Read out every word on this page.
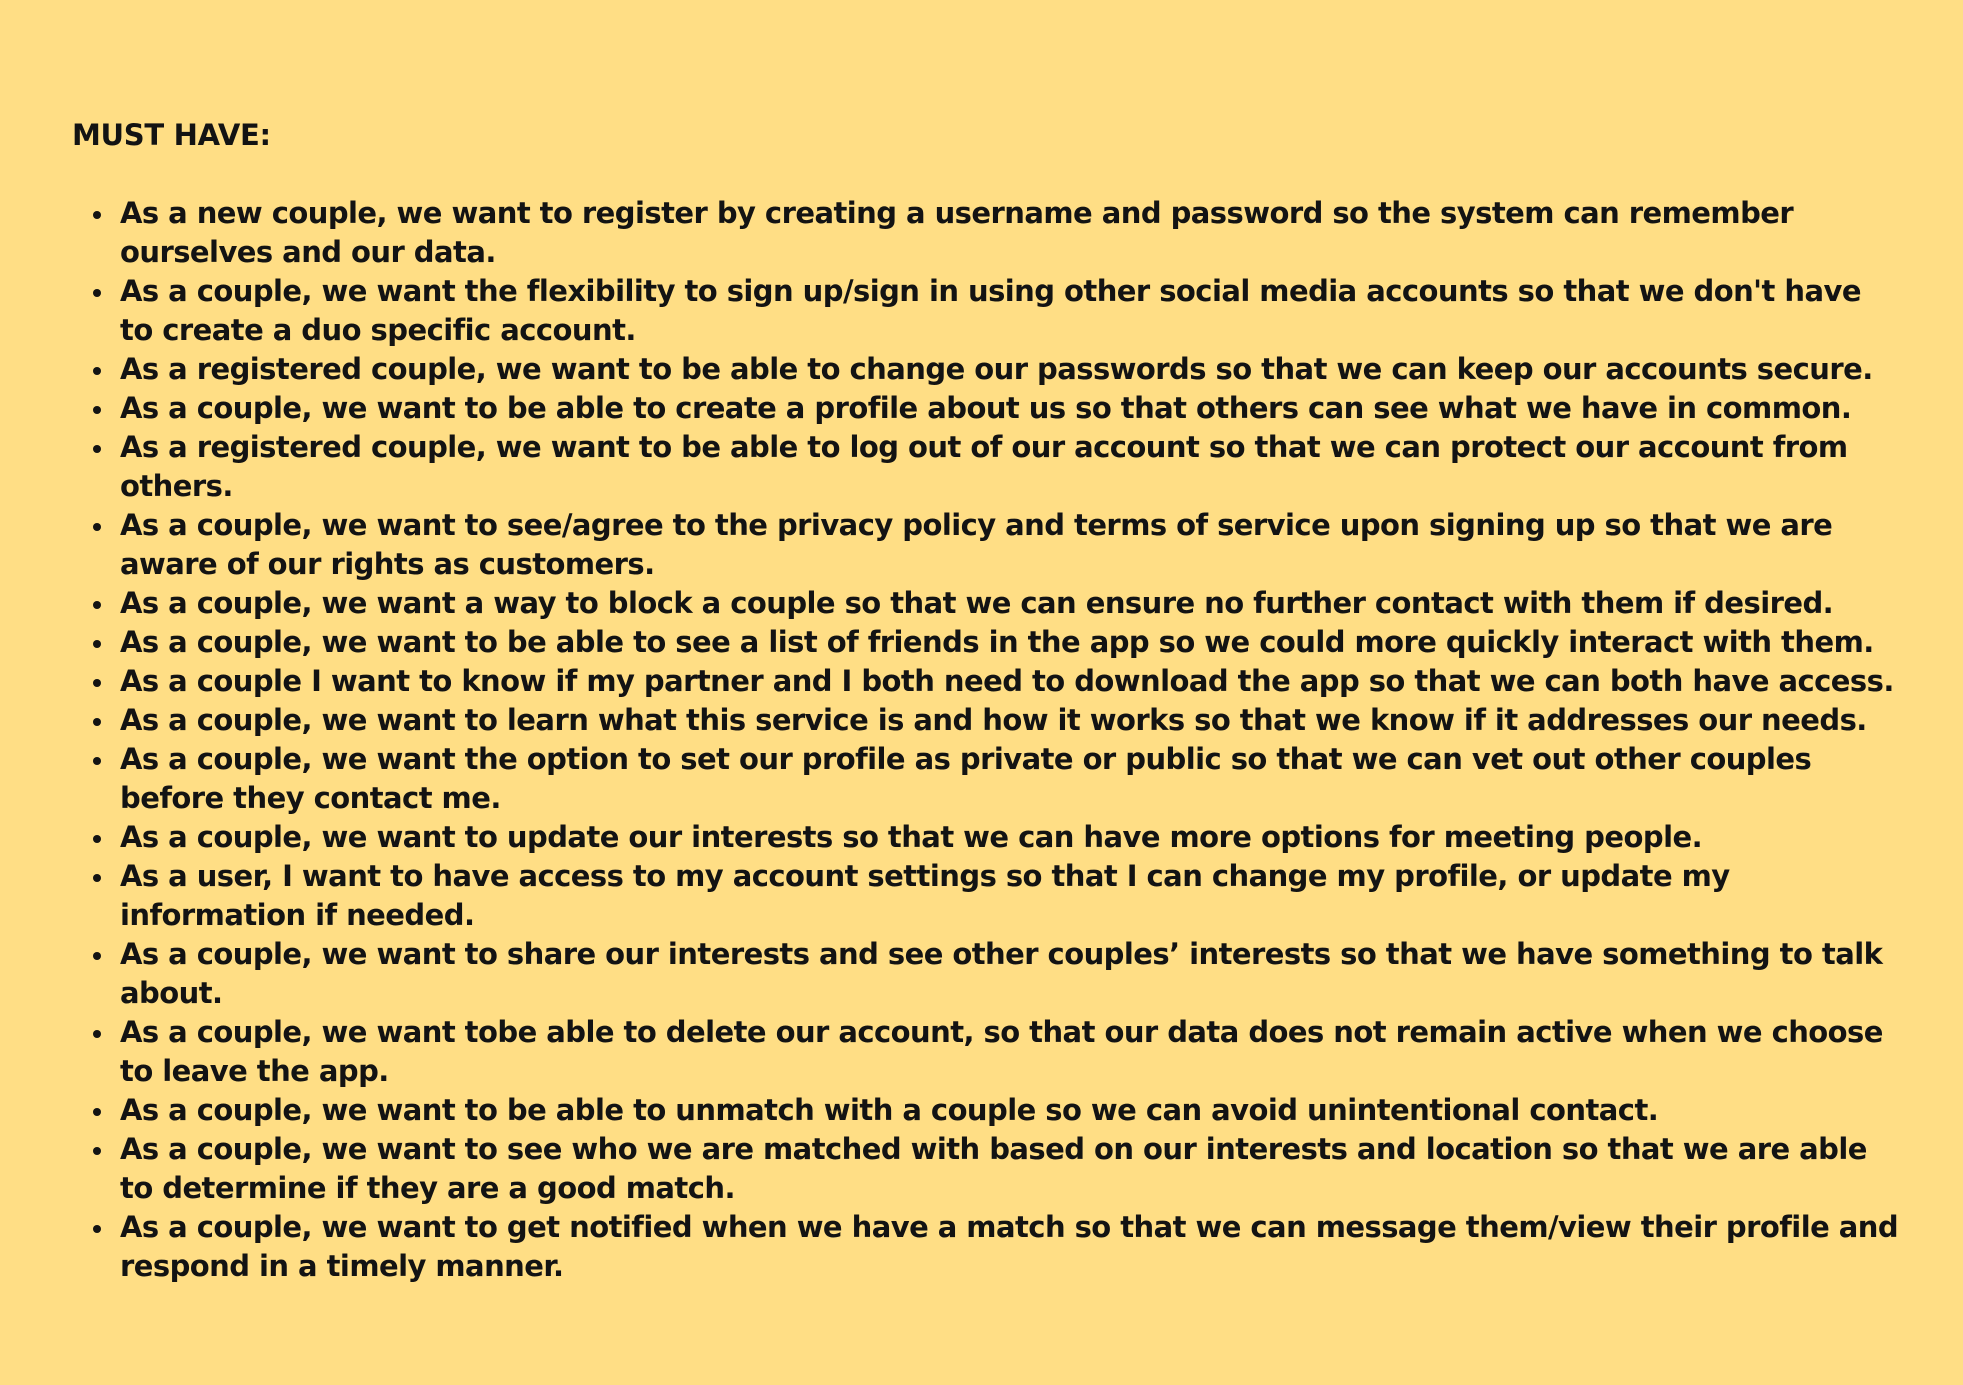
MUST HAVE:
As a new couple, we want to register by creating a username and password so the system can remember ourselves and our data.
As a couple, we want the flexibility to sign up/sign in using other social media accounts so that we don't have to create a duo specific account.
As a registered couple, we want to be able to change our passwords so that we can keep our accounts secure.
As a couple, we want to be able to create a profile about us so that others can see what we have in common.
As a registered couple, we want to be able to log out of our account so that we can protect our account from others.
As a couple, we want to see/agree to the privacy policy and terms of service upon signing up so that we are aware of our rights as customers.
As a couple, we want a way to block a couple so that we can ensure no further contact with them if desired.
As a couple, we want to be able to see a list of friends in the app so we could more quickly interact with them.
As a couple I want to know if my partner and I both need to download the app so that we can both have access.
As a couple, we want to learn what this service is and how it works so that we know if it addresses our needs.
As a couple, we want the option to set our profile as private or public so that we can vet out other couples before they contact me.
As a couple, we want to update our interests so that we can have more options for meeting people.
As a user, I want to have access to my account settings so that I can change my profile, or update my information if needed.
As a couple, we want to share our interests and see other couples’ interests so that we have something to talk about.
As a couple, we want tobe able to delete our account, so that our data does not remain active when we choose to leave the app.
As a couple, we want to be able to unmatch with a couple so we can avoid unintentional contact.
As a couple, we want to see who we are matched with based on our interests and location so that we are able to determine if they are a good match.
As a couple, we want to get notified when we have a match so that we can message them/view their profile and respond in a timely manner.
